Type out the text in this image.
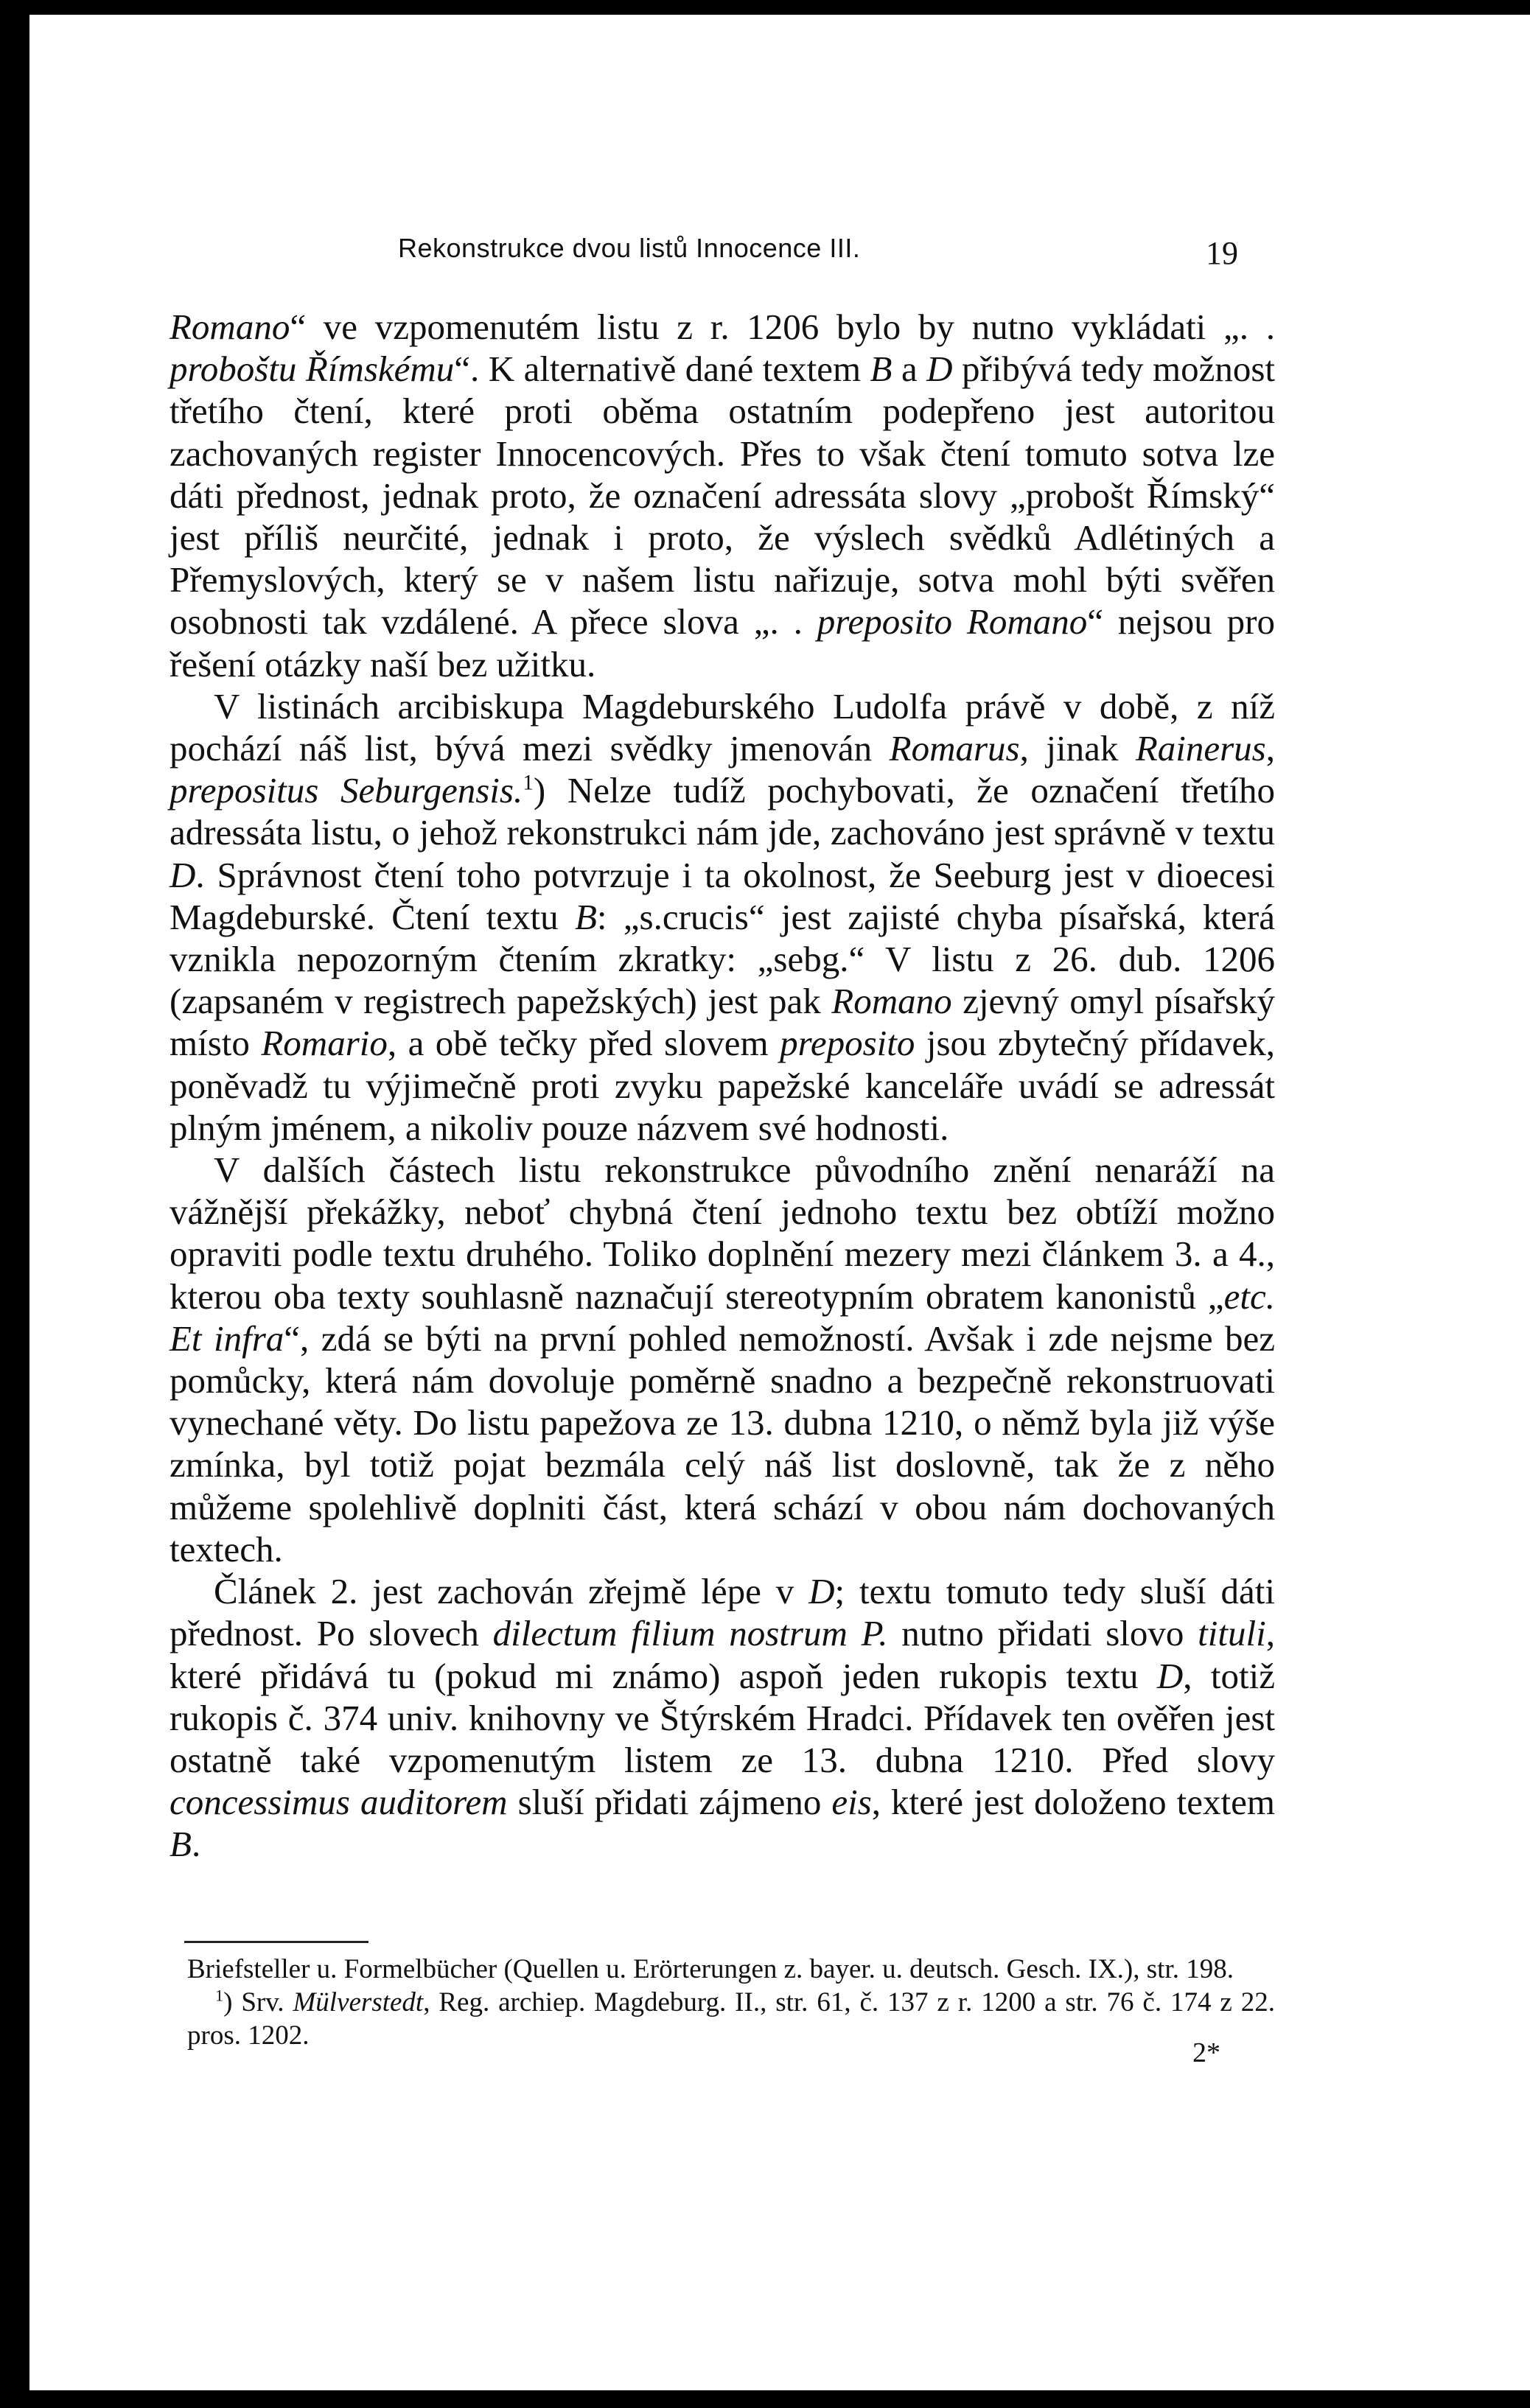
Rekonstrukce dvou listů Innocence III.	19

Romano“ ve vzpomenutém listu z r. 1206 bylo by nutno vykládati „. . proboštu Římskému“. K alternativě dané textem B a D přibývá tedy možnost třetího čtení, které proti oběma ostatním podepřeno jest autoritou zachovaných register Innocencových. Přes to však čtení tomuto sotva lze dáti přednost, jednak proto, že označení adressáta slovy „probošt Římský“ jest příliš neurčité, jednak i proto, že výslech svědků Adlétiných a Přemyslových, který se v našem listu nařizuje, sotva mohl býti svěřen osobnosti tak vzdálené. A přece slova „. . preposito Romano“ nejsou pro řešení otázky naší bez užitku.

V listinách arcibiskupa Magdeburského Ludolfa právě v době, z níž pochází náš list, bývá mezi svědky jmenován Romarus, jinak Rainerus, prepositus Seburgensis.$^1$) Nelze tudíž pochybovati, že označení třetího adressáta listu, o jehož rekonstrukci nám jde, zachováno jest správně v textu D. Správnost čtení toho potvrzuje i ta okolnost, že Seeburg jest v dioecesi Magdeburské. Čtení textu B: „s.crucis“ jest zajisté chyba písařská, která vznikla nepozorným čtením zkratky: „sebg.“ V listu z 26. dub. 1206 (zapsaném v registrech papežských) jest pak Romano zjevný omyl písařský místo Romario, a obě tečky před slovem preposito jsou zbytečný přídavek, poněvadž tu výjimečně proti zvyku papežské kanceláře uvádí se adressát plným jménem, a nikoliv pouze názvem své hodnosti.

V dalších částech listu rekonstrukce původního znění nenaráží na vážnější překážky, neboť chybná čtení jednoho textu bez obtíží možno opraviti podle textu druhého. Toliko doplnění mezery mezi článkem 3. a 4., kterou oba texty souhlasně naznačují stereotypním obratem kanonistů „etc. Et infra“, zdá se býti na první pohled nemožností. Avšak i zde nejsme bez pomůcky, která nám dovoluje poměrně snadno a bezpečně rekonstruovati vynechané věty. Do listu papežova ze 13. dubna 1210, o němž byla již výše zmínka, byl totiž pojat bezmála celý náš list doslovně, tak že z něho můžeme spolehlivě doplniti část, která schází v obou nám dochovaných textech.

Článek 2. jest zachován zřejmě lépe v D; textu tomuto tedy sluší dáti přednost. Po slovech dilectum filium nostrum P. nutno přidati slovo tituli, které přidává tu (pokud mi známo) aspoň jeden rukopis textu D, totiž rukopis č. 374 univ. knihovny ve Štýrském Hradci. Přídavek ten ověřen jest ostatně také vzpomenutým listem ze 13. dubna 1210. Před slovy concessimus auditorem sluší přidati zájmeno eis, které jest doloženo textem B.

Briefsteller u. Formelbücher (Quellen u. Erörterungen z. bayer. u. deutsch. Gesch. IX.), str. 198.

$^1$) Srv. Mülverstedt, Reg. archiep. Magdeburg. II., str. 61, č. 137 z r. 1200 a str. 76 č. 174 z 22. pros. 1202.

2*
